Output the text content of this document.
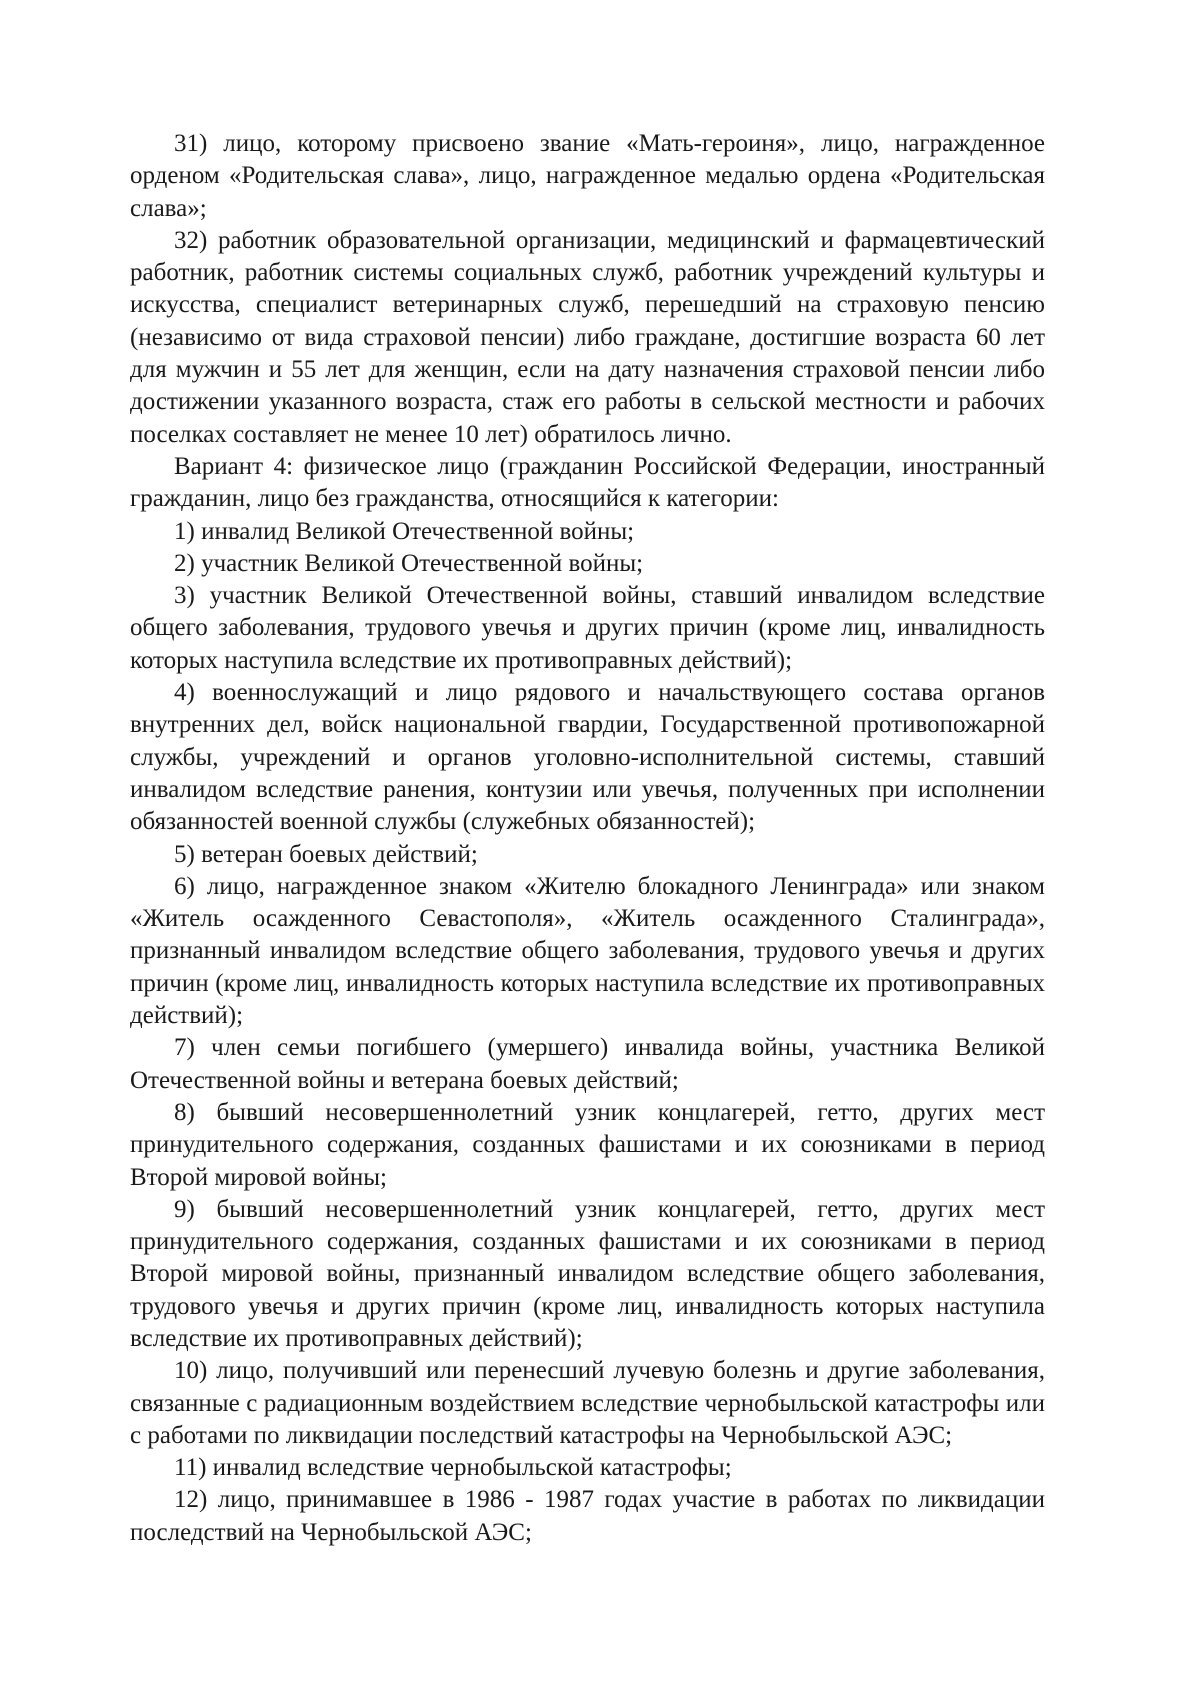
31) лицо, которому присвоено звание «Мать-героиня», лицо, награжденное орденом «Родительская слава», лицо, награжденное медалью ордена «Родительская слава»;

32) работник образовательной организации, медицинский и фармацевтический работник, работник системы социальных служб, работник учреждений культуры и искусства, специалист ветеринарных служб, перешедший на страховую пенсию (независимо от вида страховой пенсии) либо граждане, достигшие возраста 60 лет для мужчин и 55 лет для женщин, если на дату назначения страховой пенсии либо достижении указанного возраста, стаж его работы в сельской местности и рабочих поселках составляет не менее 10 лет) обратилось лично.

Вариант 4: физическое лицо (гражданин Российской Федерации, иностранный гражданин, лицо без гражданства, относящийся к категории:

1) инвалид Великой Отечественной войны;

2) участник Великой Отечественной войны;

3) участник Великой Отечественной войны, ставший инвалидом вследствие общего заболевания, трудового увечья и других причин (кроме лиц, инвалидность которых наступила вследствие их противоправных действий);

4) военнослужащий и лицо рядового и начальствующего состава органов внутренних дел, войск национальной гвардии, Государственной противопожарной службы, учреждений и органов уголовно-исполнительной системы, ставший инвалидом вследствие ранения, контузии или увечья, полученных при исполнении обязанностей военной службы (служебных обязанностей);

5) ветеран боевых действий;

6) лицо, награжденное знаком «Жителю блокадного Ленинграда» или знаком «Житель осажденного Севастополя», «Житель осажденного Сталинграда», признанный инвалидом вследствие общего заболевания, трудового увечья и других причин (кроме лиц, инвалидность которых наступила вследствие их противоправных действий);

7) член семьи погибшего (умершего) инвалида войны, участника Великой Отечественной войны и ветерана боевых действий;

8) бывший несовершеннолетний узник концлагерей, гетто, других мест принудительного содержания, созданных фашистами и их союзниками в период Второй мировой войны;

9) бывший несовершеннолетний узник концлагерей, гетто, других мест принудительного содержания, созданных фашистами и их союзниками в период Второй мировой войны, признанный инвалидом вследствие общего заболевания, трудового увечья и других причин (кроме лиц, инвалидность которых наступила вследствие их противоправных действий);

10) лицо, получивший или перенесший лучевую болезнь и другие заболевания, связанные с радиационным воздействием вследствие чернобыльской катастрофы или с работами по ликвидации последствий катастрофы на Чернобыльской АЭС;

11) инвалид вследствие чернобыльской катастрофы;

12) лицо, принимавшее в 1986 - 1987 годах участие в работах по ликвидации последствий на Чернобыльской АЭС;
